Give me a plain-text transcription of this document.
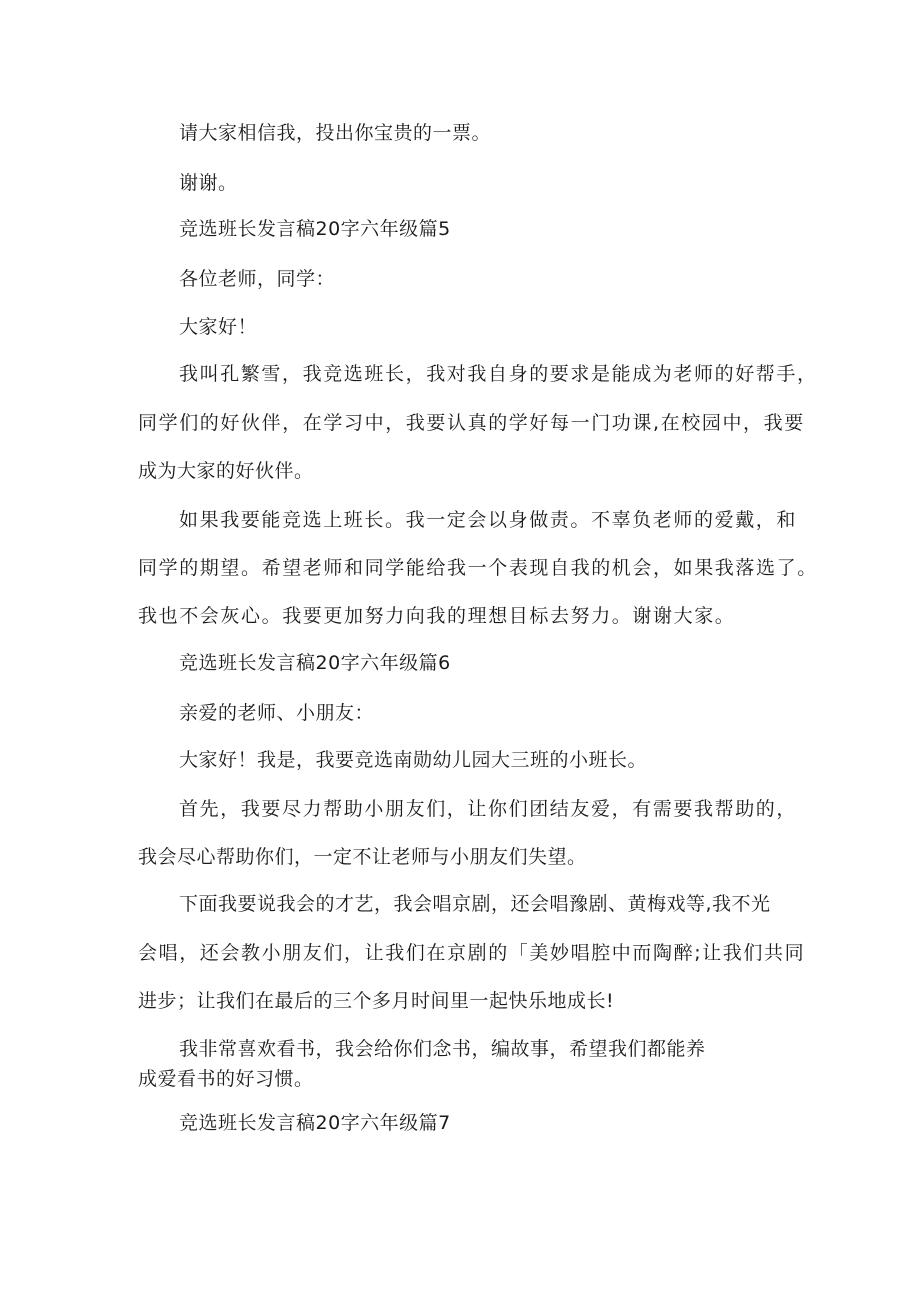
请大家相信我，投出你宝贵的一票。
谢谢。
竞选班长发言稿20字六年级篇5
各位老师，同学：
大家好！
我叫孔繁雪，我竞选班长，我对我自身的要求是能成为老师的好帮手，
同学们的好伙伴，在学习中，我要认真的学好每一门功课,在校园中，我要
成为大家的好伙伴。
如果我要能竞选上班长。我一定会以身做责。不辜负老师的爱戴，和
同学的期望。希望老师和同学能给我一个表现自我的机会，如果我落选了。
我也不会灰心。我要更加努力向我的理想目标去努力。谢谢大家。
竞选班长发言稿20字六年级篇6
亲爱的老师、小朋友：
大家好！我是，我要竞选南勋幼儿园大三班的小班长。
首先，我要尽力帮助小朋友们，让你们团结友爱，有需要我帮助的，
我会尽心帮助你们，一定不让老师与小朋友们失望。
下面我要说我会的才艺，我会唱京剧，还会唱豫剧、黄梅戏等,我不光
会唱，还会教小朋友们，让我们在京剧的「美妙唱腔中而陶醉;让我们共同
进步；让我们在最后的三个多月时间里一起快乐地成长!
我非常喜欢看书，我会给你们念书，编故事，希望我们都能养
成爱看书的好习惯。
竞选班长发言稿20字六年级篇7
